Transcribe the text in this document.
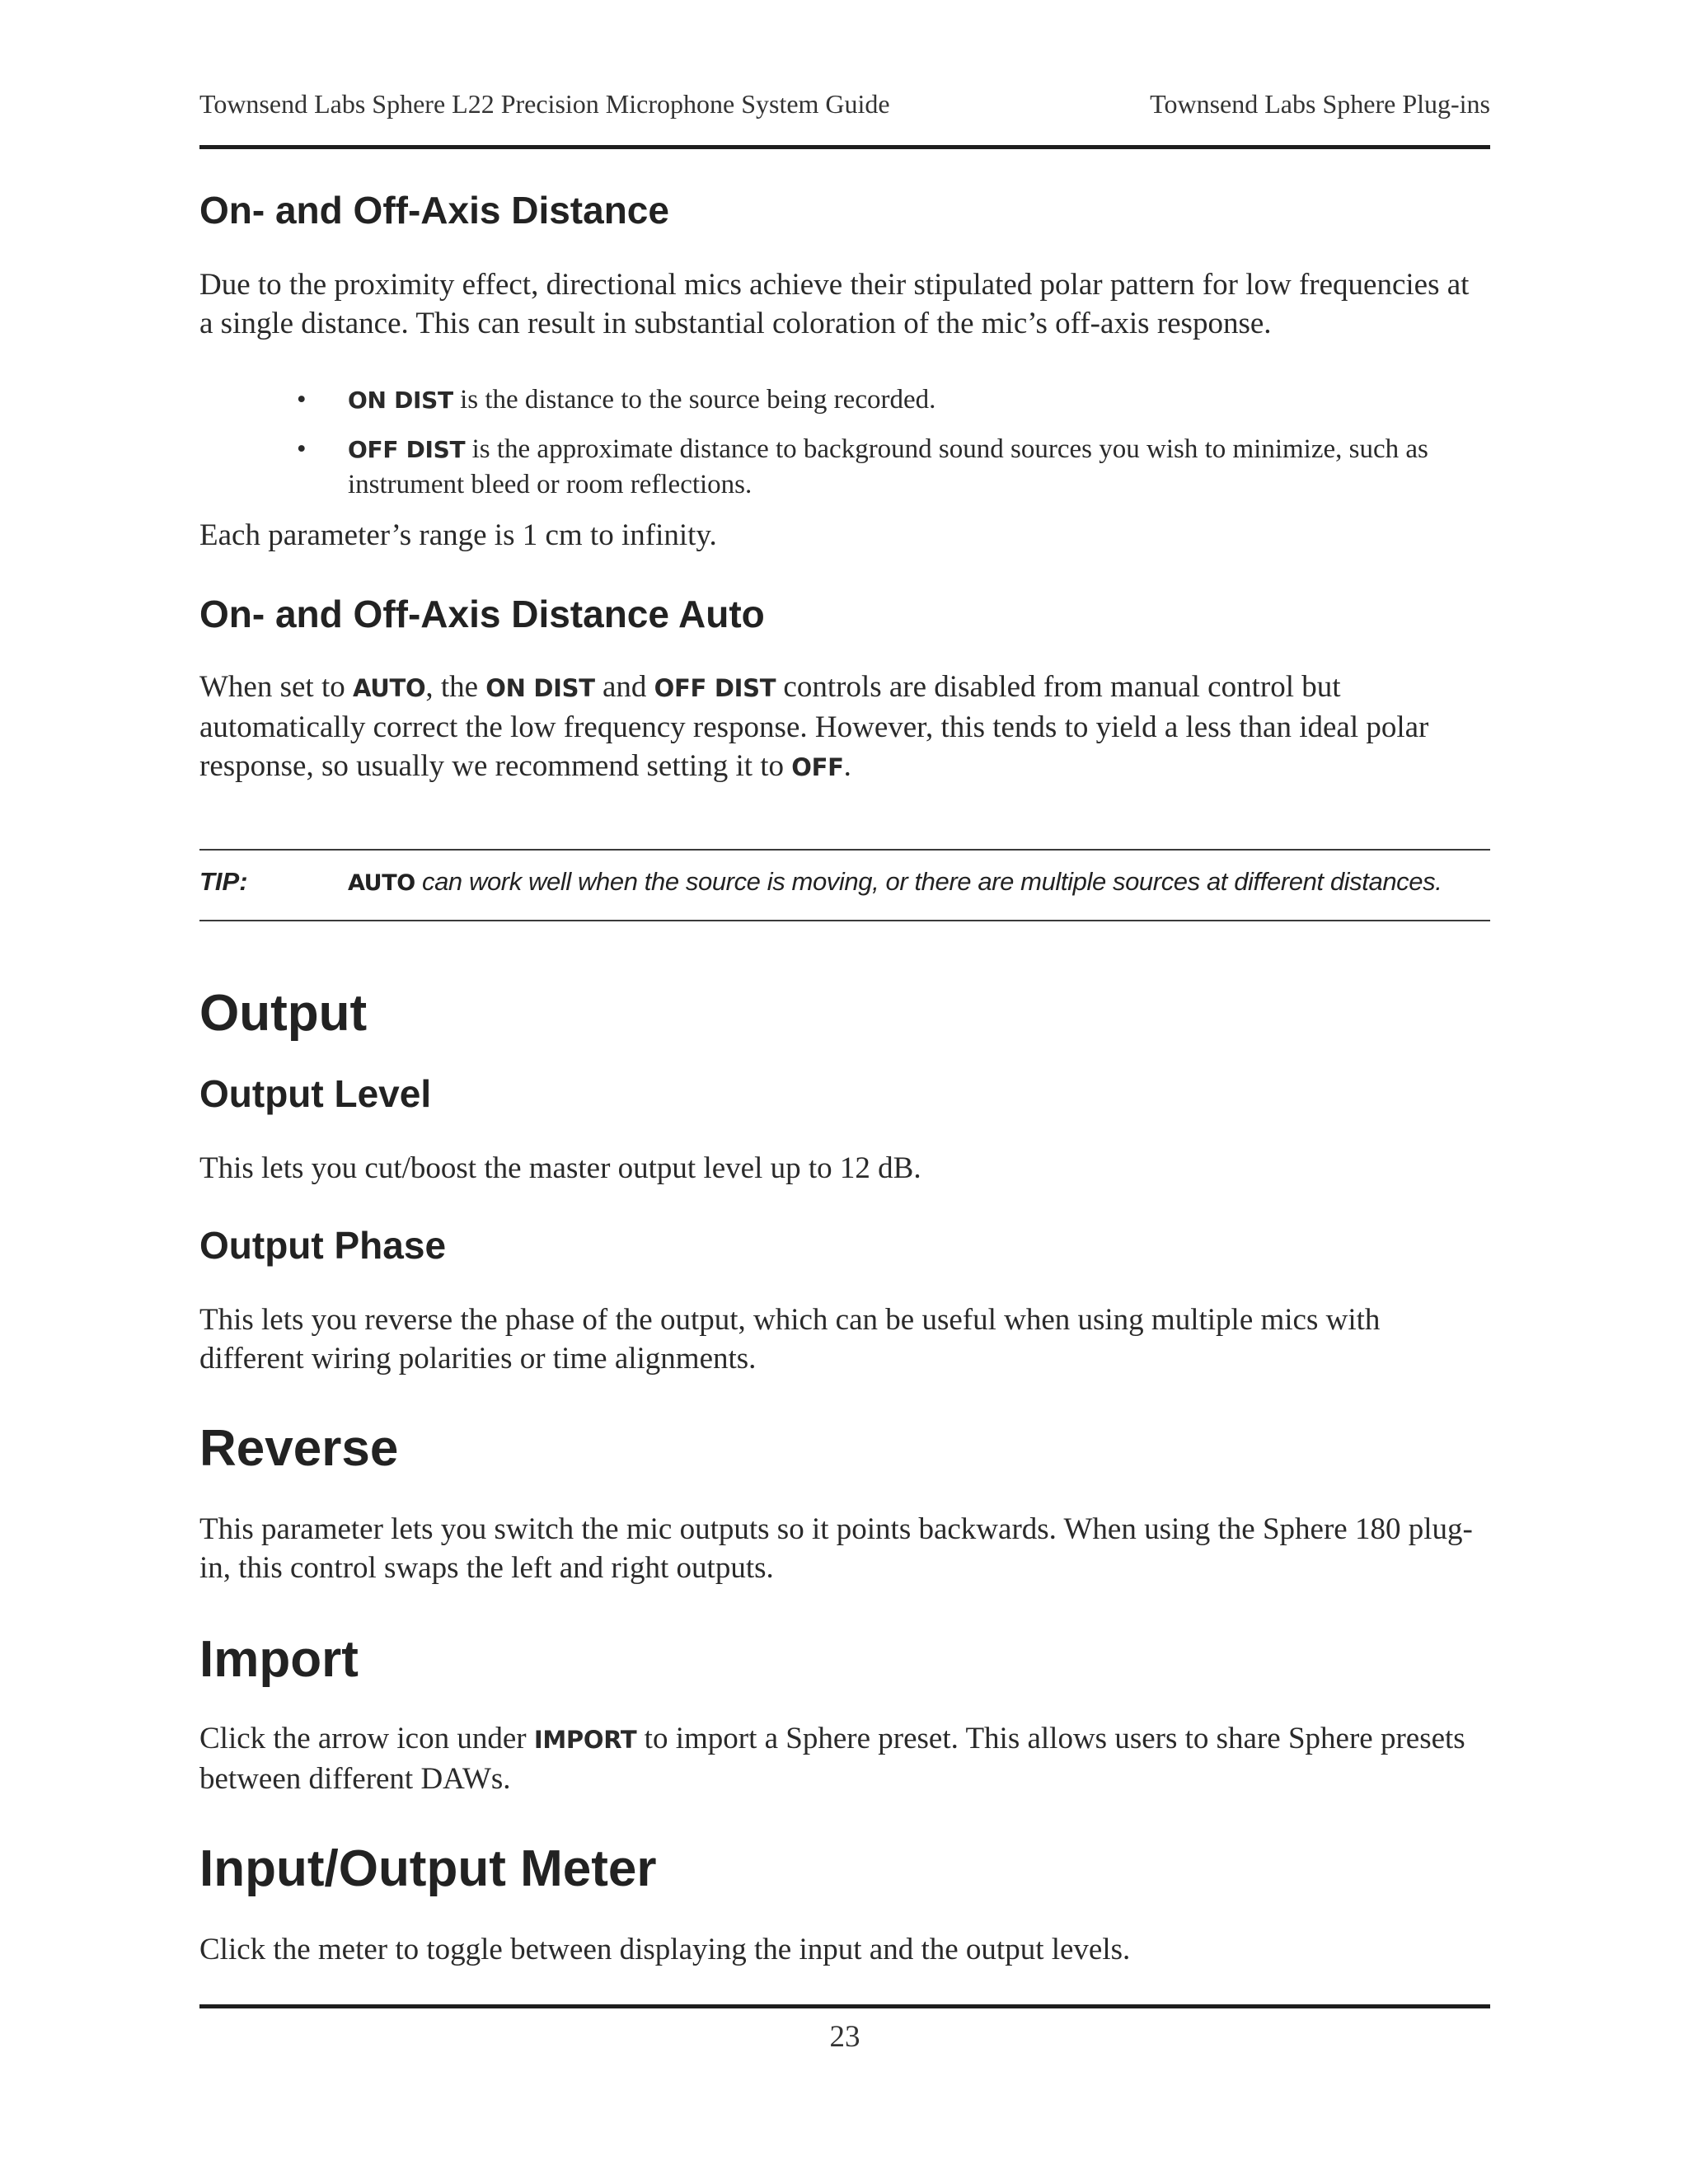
Townsend Labs Sphere L22 Precision Microphone System Guide	Townsend Labs Sphere Plug-ins
On- and Off-Axis Distance
Due to the proximity effect, directional mics achieve their stipulated polar pattern for low frequencies at a single distance. This can result in substantial coloration of the mic’s off-axis response.
• ON DIST is the distance to the source being recorded.
• OFF DIST is the approximate distance to background sound sources you wish to minimize, such as instrument bleed or room reflections.
Each parameter’s range is 1 cm to infinity.
On- and Off-Axis Distance Auto
When set to AUTO, the ON DIST and OFF DIST controls are disabled from manual control but automatically correct the low frequency response. However, this tends to yield a less than ideal polar response, so usually we recommend setting it to OFF.
TIP:	AUTO can work well when the source is moving, or there are multiple sources at different distances.
Output
Output Level
This lets you cut/boost the master output level up to 12 dB.
Output Phase
This lets you reverse the phase of the output, which can be useful when using multiple mics with different wiring polarities or time alignments.
Reverse
This parameter lets you switch the mic outputs so it points backwards. When using the Sphere 180 plug-in, this control swaps the left and right outputs.
Import
Click the arrow icon under IMPORT to import a Sphere preset. This allows users to share Sphere presets between different DAWs.
Input/Output Meter
Click the meter to toggle between displaying the input and the output levels.
23
